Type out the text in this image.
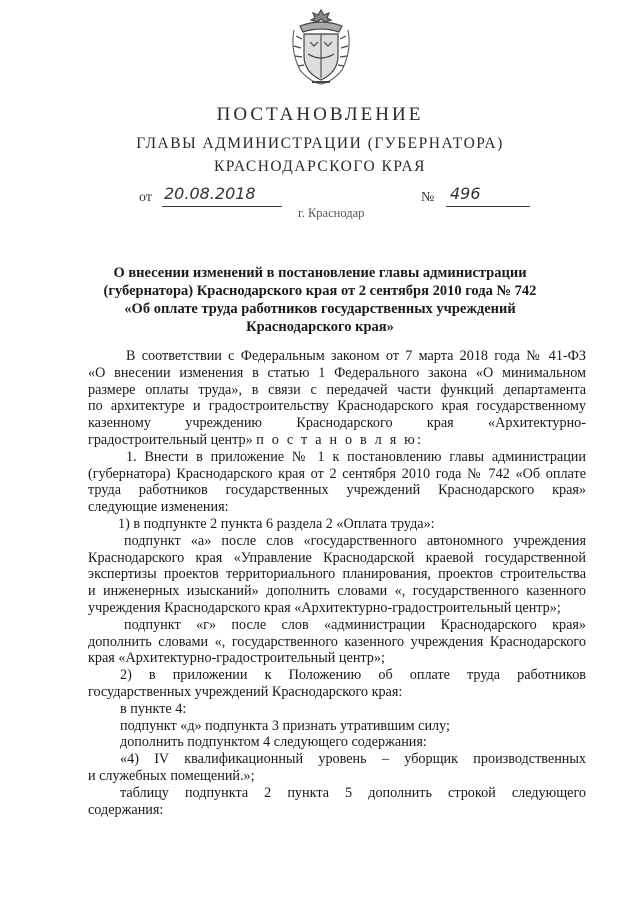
ПОСТАНОВЛЕНИЕ
ГЛАВЫ АДМИНИСТРАЦИИ (ГУБЕРНАТОРА)
КРАСНОДАРСКОГО КРАЯ
от 20.08.2018	№ 496
г. Краснодар
О внесении изменений в постановление главы администрации
(губернатора) Краснодарского края от 2 сентября 2010 года № 742
«Об оплате труда работников государственных учреждений
Краснодарского края»
В соответствии с Федеральным законом от 7 марта 2018 года № 41-ФЗ
«О внесении изменения в статью 1 Федерального закона «О минимальном
размере оплаты труда», в связи с передачей части функций департамента
по архитектуре и градостроительству Краснодарского края государственному
казенному учреждению Краснодарского края «Архитектурно-
градостроительный центр» п о с т а н о в л я ю:
1. Внести в приложение № 1 к постановлению главы администрации
(губернатора) Краснодарского края от 2 сентября 2010 года № 742 «Об оплате
труда работников государственных учреждений Краснодарского края»
следующие изменения:
1) в подпункте 2 пункта 6 раздела 2 «Оплата труда»:
подпункт «а» после слов «государственного автономного учреждения
Краснодарского края «Управление Краснодарской краевой государственной
экспертизы проектов территориального планирования, проектов строительства
и инженерных изысканий» дополнить словами «, государственного казенного
учреждения Краснодарского края «Архитектурно-градостроительный центр»;
подпункт «г» после слов «администрации Краснодарского края»
дополнить словами «, государственного казенного учреждения Краснодарского
края «Архитектурно-градостроительный центр»;
2) в приложении к Положению об оплате труда работников
государственных учреждений Краснодарского края:
в пункте 4:
подпункт «д» подпункта 3 признать утратившим силу;
дополнить подпунктом 4 следующего содержания:
«4) IV квалификационный уровень – уборщик производственных
и служебных помещений.»;
таблицу подпункта 2 пункта 5 дополнить строкой следующего
содержания:
